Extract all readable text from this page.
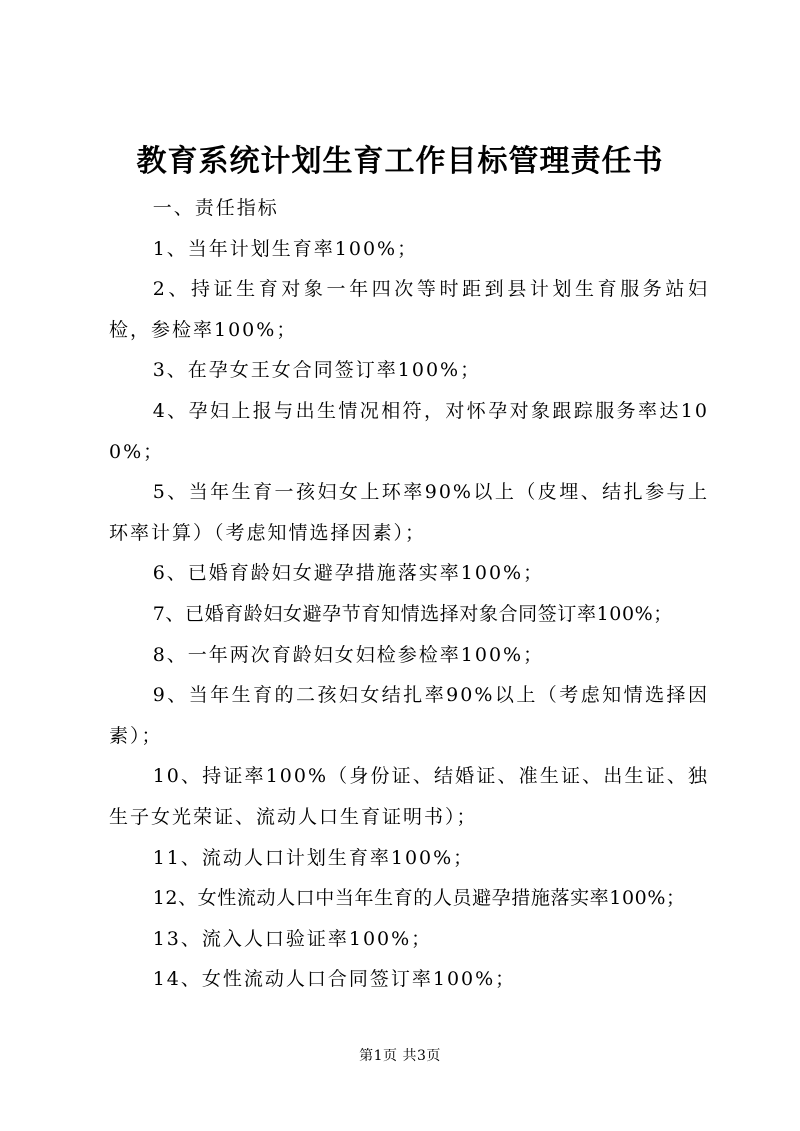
教育系统计划生育工作目标管理责任书

一、责任指标

1、当年计划生育率100%；

2、持证生育对象一年四次等时距到县计划生育服务站妇检，参检率100%；

3、在孕女王女合同签订率100%；

4、孕妇上报与出生情况相符，对怀孕对象跟踪服务率达100%；

5、当年生育一孩妇女上环率90%以上（皮埋、结扎参与上环率计算）（考虑知情选择因素）；

6、已婚育龄妇女避孕措施落实率100%；

7、已婚育龄妇女避孕节育知情选择对象合同签订率100%；

8、一年两次育龄妇女妇检参检率100%；

9、当年生育的二孩妇女结扎率90%以上（考虑知情选择因素）；

10、持证率100%（身份证、结婚证、准生证、出生证、独生子女光荣证、流动人口生育证明书）；

11、流动人口计划生育率100%；

12、女性流动人口中当年生育的人员避孕措施落实率100%；

13、流入人口验证率100%；

14、女性流动人口合同签订率100%；

第1页 共3页
